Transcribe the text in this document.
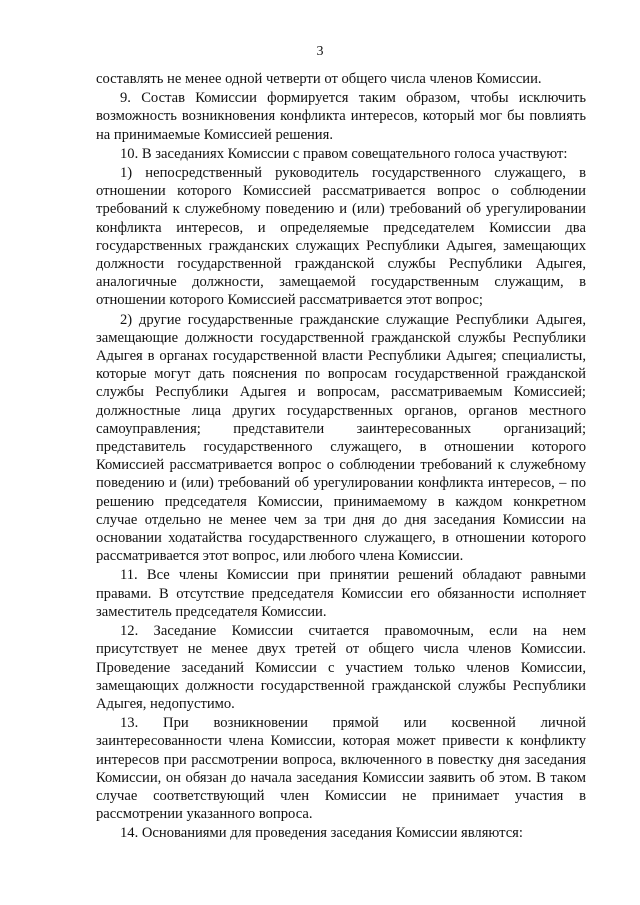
3

составлять не менее одной четверти от общего числа членов Комиссии.

9. Состав Комиссии формируется таким образом, чтобы исключить возможность возникновения конфликта интересов, который мог бы повлиять на принимаемые Комиссией решения.

10. В заседаниях Комиссии с правом совещательного голоса участвуют:

1) непосредственный руководитель государственного служащего, в отношении которого Комиссией рассматривается вопрос о соблюдении требований к служебному поведению и (или) требований об урегулировании конфликта интересов, и определяемые председателем Комиссии два государственных гражданских служащих Республики Адыгея, замещающих должности государственной гражданской службы Республики Адыгея, аналогичные должности, замещаемой государственным служащим, в отношении которого Комиссией рассматривается этот вопрос;

2) другие государственные гражданские служащие Республики Адыгея, замещающие должности государственной гражданской службы Республики Адыгея в органах государственной власти Республики Адыгея; специалисты, которые могут дать пояснения по вопросам государственной гражданской службы Республики Адыгея и вопросам, рассматриваемым Комиссией; должностные лица других государственных органов, органов местного самоуправления; представители заинтересованных организаций; представитель государственного служащего, в отношении которого Комиссией рассматривается вопрос о соблюдении требований к служебному поведению и (или) требований об урегулировании конфликта интересов, – по решению председателя Комиссии, принимаемому в каждом конкретном случае отдельно не менее чем за три дня до дня заседания Комиссии на основании ходатайства государственного служащего, в отношении которого рассматривается этот вопрос, или любого члена Комиссии.

11. Все члены Комиссии при принятии решений обладают равными правами. В отсутствие председателя Комиссии его обязанности исполняет заместитель председателя Комиссии.

12. Заседание Комиссии считается правомочным, если на нем присутствует не менее двух третей от общего числа членов Комиссии. Проведение заседаний Комиссии с участием только членов Комиссии, замещающих должности государственной гражданской службы Республики Адыгея, недопустимо.

13. При возникновении прямой или косвенной личной заинтересованности члена Комиссии, которая может привести к конфликту интересов при рассмотрении вопроса, включенного в повестку дня заседания Комиссии, он обязан до начала заседания Комиссии заявить об этом. В таком случае соответствующий член Комиссии не принимает участия в рассмотрении указанного вопроса.

14. Основаниями для проведения заседания Комиссии являются:
